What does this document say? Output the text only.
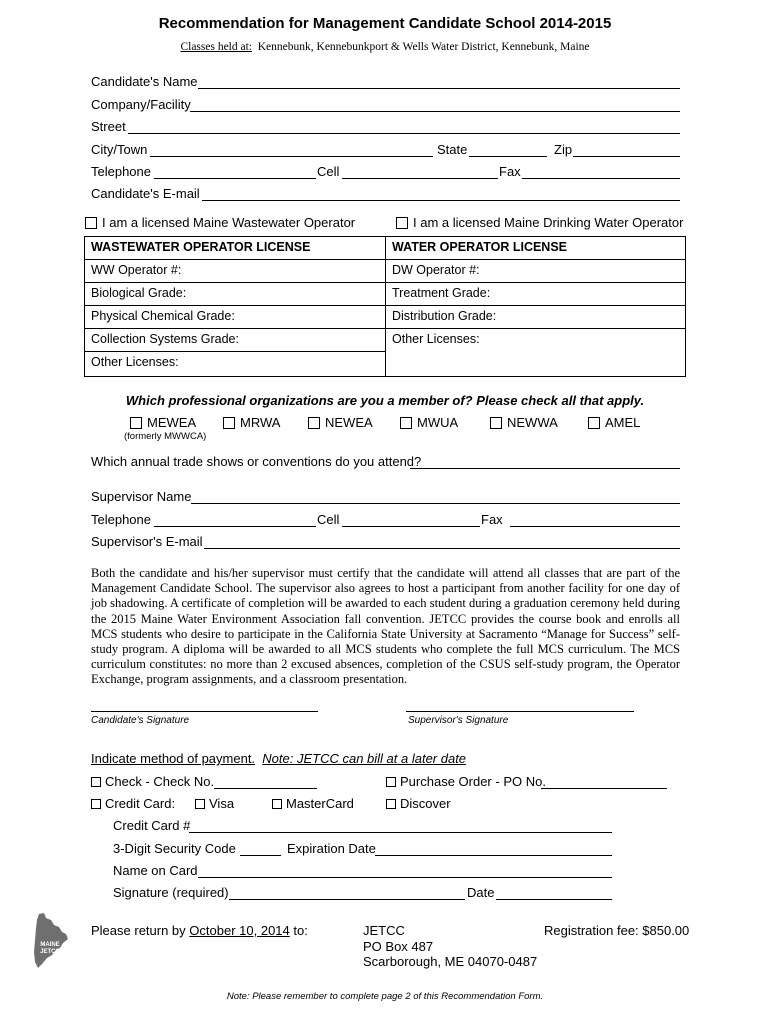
Recommendation for Management Candidate School 2014-2015
Classes held at: Kennebunk, Kennebunkport & Wells Water District, Kennebunk, Maine
Candidate's Name
Company/Facility
Street
City/Town	State	Zip
Telephone	Cell	Fax
Candidate's E-mail
I am a licensed Maine Wastewater Operator	I am a licensed Maine Drinking Water Operator
WASTEWATER OPERATOR LICENSE	WATER OPERATOR LICENSE
WW Operator #:	DW Operator #:
Biological Grade:	Treatment Grade:
Physical Chemical Grade:	Distribution Grade:
Collection Systems Grade:	Other Licenses:
Other Licenses:	
Which professional organizations are you a member of? Please check all that apply.
MEWEA	MRWA	NEWEA	MWUA	NEWWA	AMEL
(formerly MWWCA)
Which annual trade shows or conventions do you attend?
Supervisor Name
Telephone	Cell	Fax
Supervisor's E-mail
Both the candidate and his/her supervisor must certify that the candidate will attend all classes that are part of the Management Candidate School. The supervisor also agrees to host a participant from another facility for one day of job shadowing. A certificate of completion will be awarded to each student during a graduation ceremony held during the 2015 Maine Water Environment Association fall convention. JETCC provides the course book and enrolls all MCS students who desire to participate in the California State University at Sacramento “Manage for Success” self-study program. A diploma will be awarded to all MCS students who complete the full MCS curriculum. The MCS curriculum constitutes: no more than 2 excused absences, completion of the CSUS self-study program, the Operator Exchange, program assignments, and a classroom presentation.
Candidate's Signature	Supervisor's Signature
Indicate method of payment. Note: JETCC can bill at a later date
Check - Check No.	Purchase Order - PO No.
Credit Card:	Visa	MasterCard	Discover
Credit Card #
3-Digit Security Code	Expiration Date
Name on Card
Signature (required)	Date
MAINE
JETCC
Please return by October 10, 2014 to:	JETCC
PO Box 487
Scarborough, ME 04070-0487
Registration fee: $850.00
Note: Please remember to complete page 2 of this Recommendation Form.
